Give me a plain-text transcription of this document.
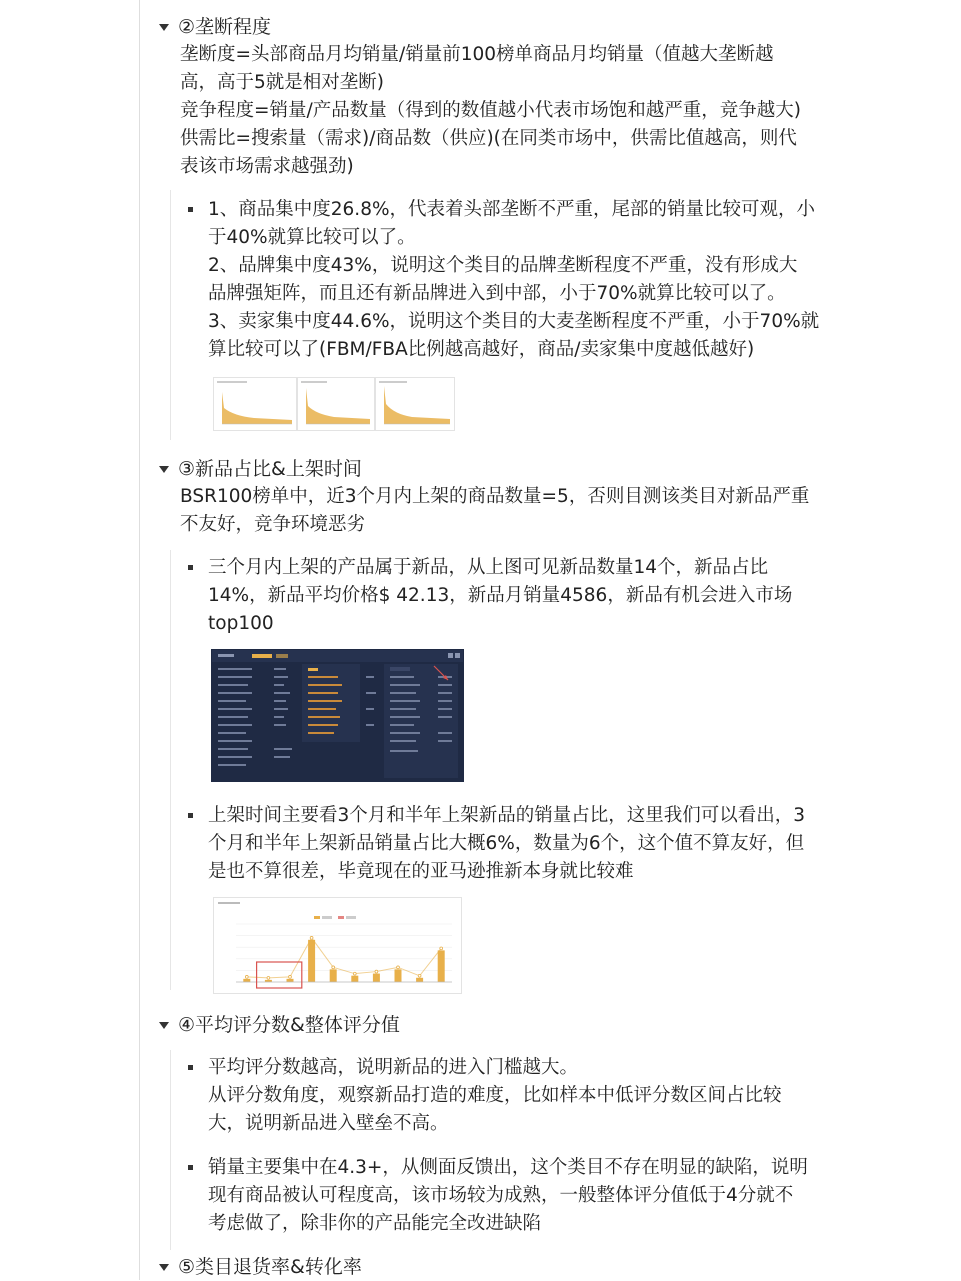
②垄断程度
垄断度=头部商品月均销量/销量前100榜单商品月均销量（值越大垄断越
高，高于5就是相对垄断)
竞争程度=销量/产品数量（得到的数值越小代表市场饱和越严重，竞争越大)
供需比=搜索量（需求)/商品数（供应)(在同类市场中，供需比值越高，则代
表该市场需求越强劲)
1、商品集中度26.8%，代表着头部垄断不严重，尾部的销量比较可观，小
于40%就算比较可以了。
2、品牌集中度43%，说明这个类目的品牌垄断程度不严重，没有形成大
品牌强矩阵，而且还有新品牌进入到中部，小于70%就算比较可以了。
3、卖家集中度44.6%，说明这个类目的大麦垄断程度不严重，小于70%就
算比较可以了(FBM/FBA比例越高越好，商品/卖家集中度越低越好)
③新品占比&上架时间
BSR100榜单中，近3个月内上架的商品数量=5，否则目测该类目对新品严重
不友好，竞争环境恶劣
三个月内上架的产品属于新品，从上图可见新品数量14个，新品占比
14%，新品平均价格$ 42.13，新品月销量4586，新品有机会进入市场
top100
上架时间主要看3个月和半年上架新品的销量占比，这里我们可以看出，3
个月和半年上架新品销量占比大概6%，数量为6个，这个值不算友好，但
是也不算很差，毕竟现在的亚马逊推新本身就比较难
④平均评分数&整体评分值
平均评分数越高，说明新品的进入门槛越大。
从评分数角度，观察新品打造的难度，比如样本中低评分数区间占比较
大，说明新品进入壁垒不高。
销量主要集中在4.3+，从侧面反馈出，这个类目不存在明显的缺陷，说明
现有商品被认可程度高，该市场较为成熟，一般整体评分值低于4分就不
考虑做了，除非你的产品能完全改进缺陷
⑤类目退货率&转化率
